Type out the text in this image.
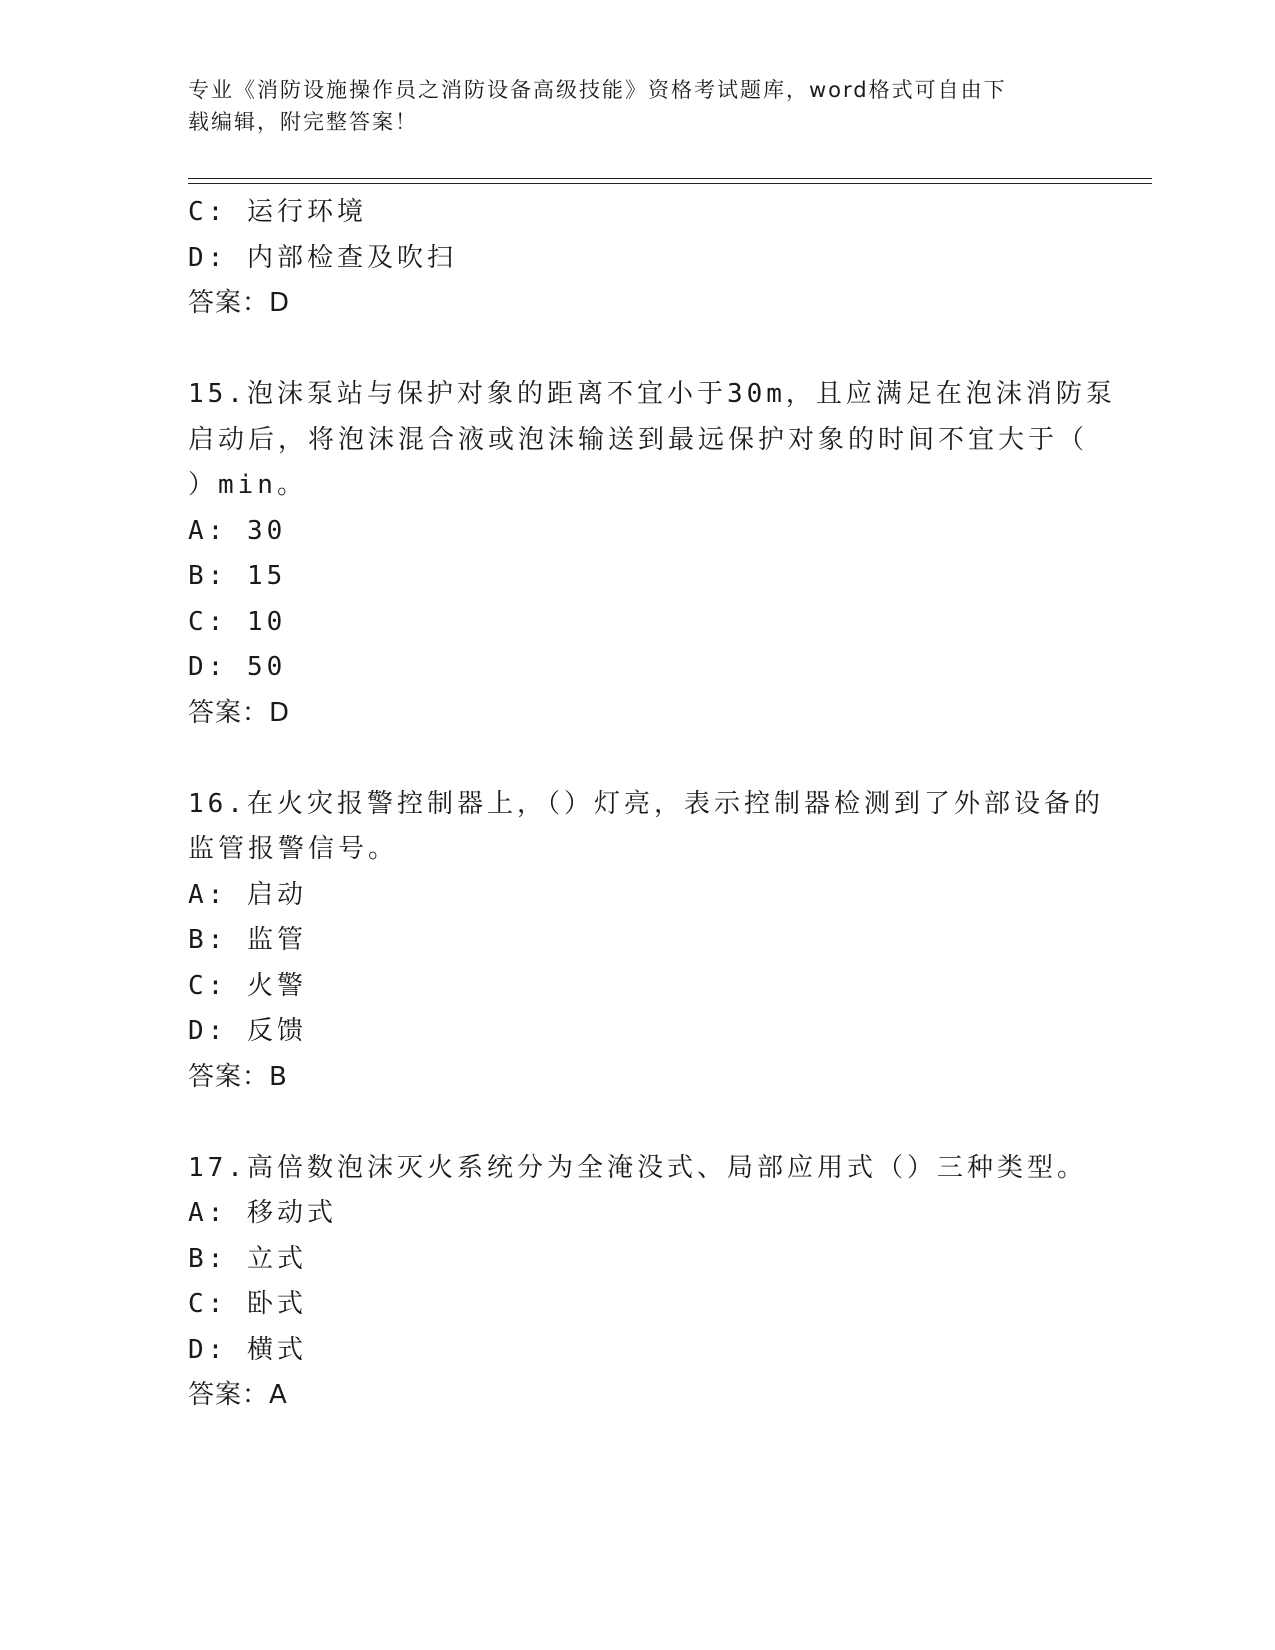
专业《消防设施操作员之消防设备高级技能》资格考试题库，word格式可自由下
载编辑，附完整答案！
C: 运行环境
D: 内部检查及吹扫
答案：D
15.泡沫泵站与保护对象的距离不宜小于30m，且应满足在泡沫消防泵
启动后，将泡沫混合液或泡沫输送到最远保护对象的时间不宜大于（
）min。
A: 30
B: 15
C: 10
D: 50
答案：D
16.在火灾报警控制器上，（）灯亮，表示控制器检测到了外部设备的
监管报警信号。
A: 启动
B: 监管
C: 火警
D: 反馈
答案：B
17.高倍数泡沫灭火系统分为全淹没式、局部应用式（）三种类型。
A: 移动式
B: 立式
C: 卧式
D: 横式
答案：A
